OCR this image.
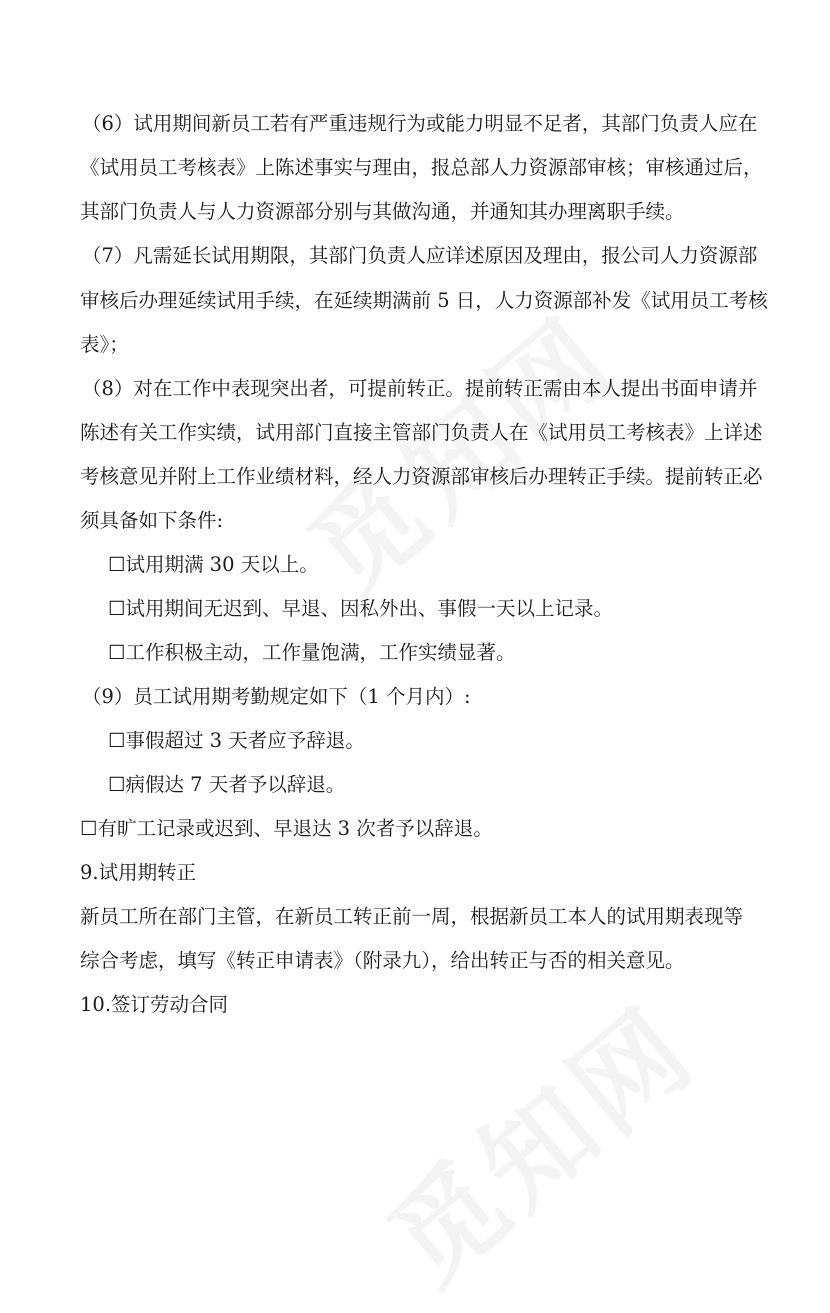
（6）试用期间新员工若有严重违规行为或能力明显不足者，其部门负责人应在
《试用员工考核表》上陈述事实与理由，报总部人力资源部审核；审核通过后，
其部门负责人与人力资源部分别与其做沟通，并通知其办理离职手续。
（7）凡需延长试用期限，其部门负责人应详述原因及理由，报公司人力资源部
审核后办理延续试用手续，在延续期满前 5 日，人力资源部补发《试用员工考核
表》；
（8）对在工作中表现突出者，可提前转正。提前转正需由本人提出书面申请并
陈述有关工作实绩，试用部门直接主管部门负责人在《试用员工考核表》上详述
考核意见并附上工作业绩材料，经人力资源部审核后办理转正手续。提前转正必
须具备如下条件:
☐试用期满 30 天以上。
☐试用期间无迟到、早退、因私外出、事假一天以上记录。
☐工作积极主动，工作量饱满，工作实绩显著。
（9）员工试用期考勤规定如下（1 个月内）:
☐事假超过 3 天者应予辞退。
☐病假达 7 天者予以辞退。
☐有旷工记录或迟到、早退达 3 次者予以辞退。
9.试用期转正
新员工所在部门主管，在新员工转正前一周，根据新员工本人的试用期表现等
综合考虑，填写《转正申请表》（附录九），给出转正与否的相关意见。
10.签订劳动合同
